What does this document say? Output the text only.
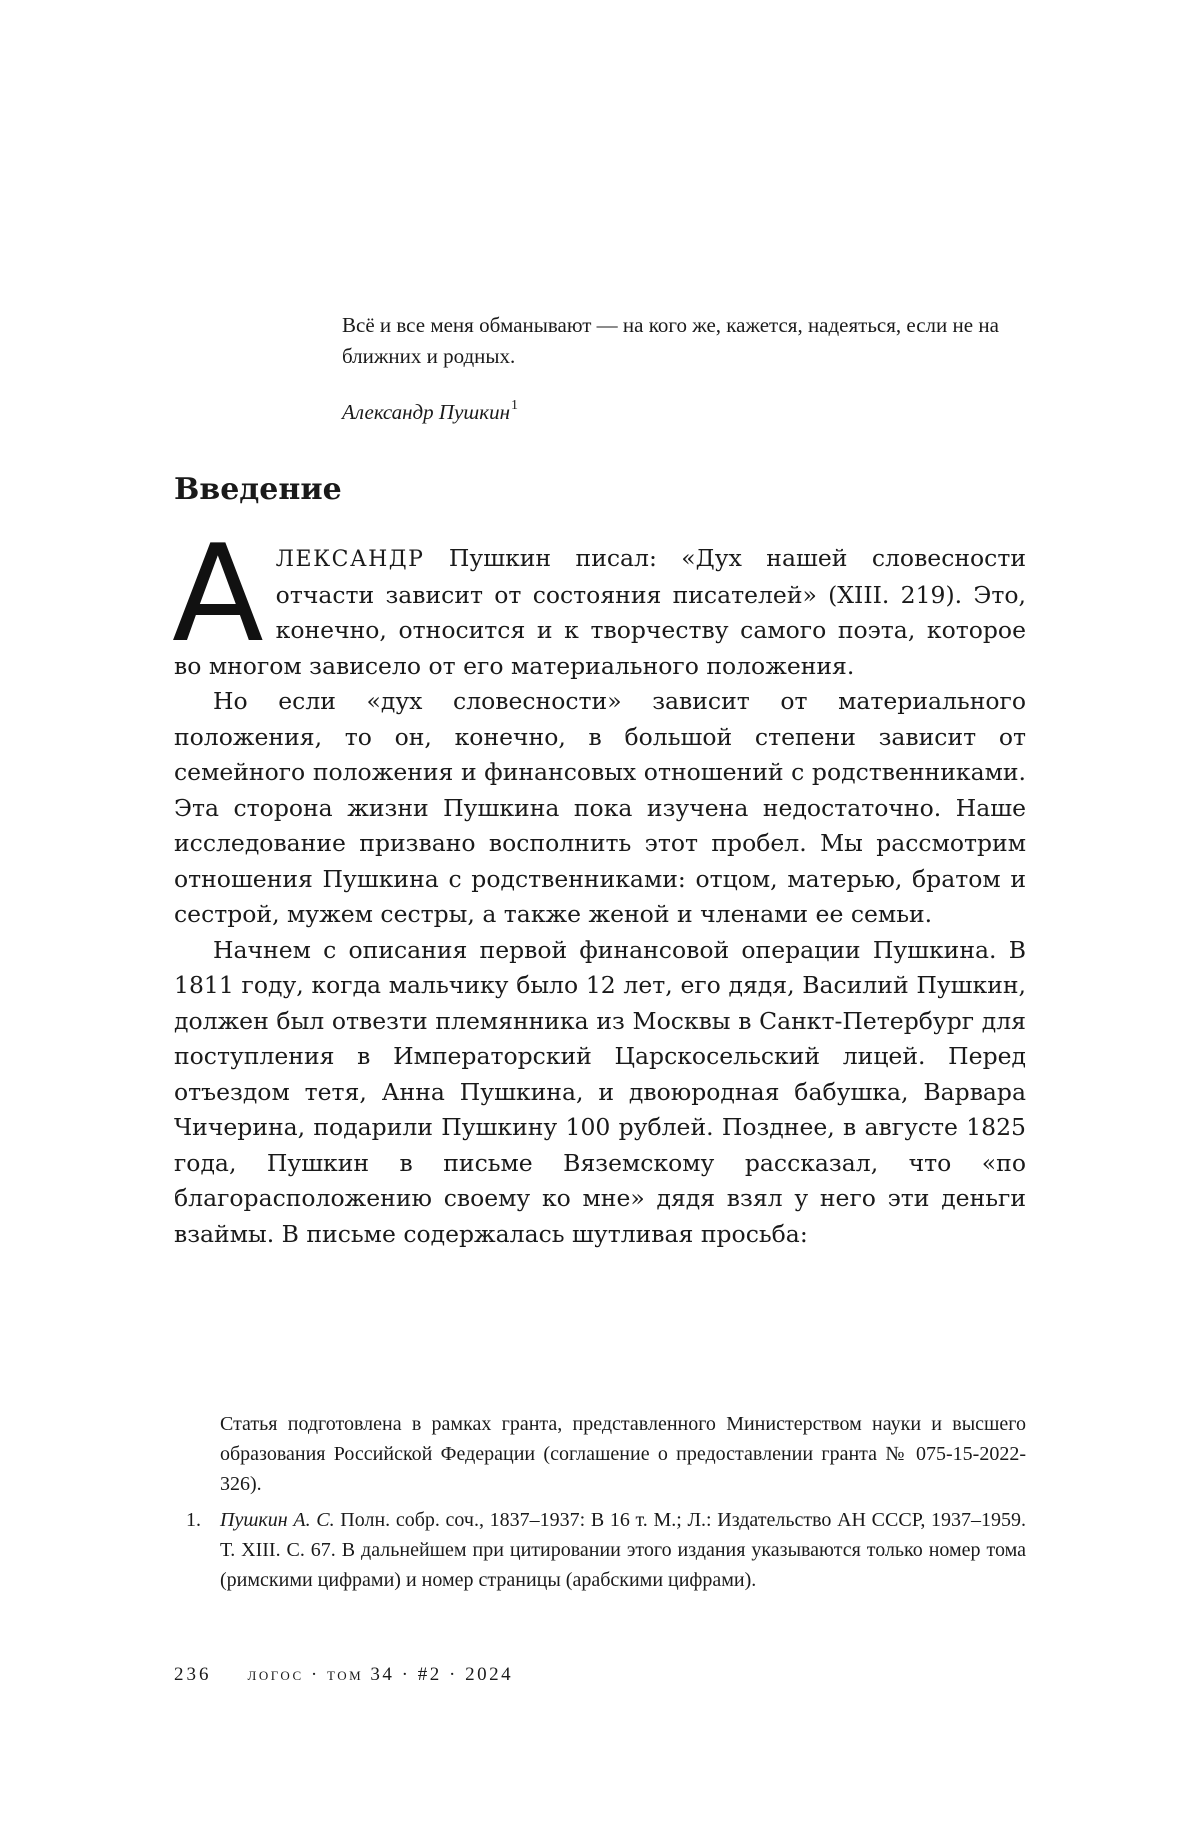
Всё и все меня обманывают — на кого же, кажется, надеяться, если не на ближних и родных.

Александр Пушкин$^1$

Введение

АЛЕКСАНДР Пушкин писал: «Дух нашей словесности отчасти зависит от состояния писателей» (XIII. 219). Это, конечно, относится и к творчеству самого поэта, которое во многом зависело от его материального положения.

Но если «дух словесности» зависит от материального положения, то он, конечно, в большой степени зависит от семейного положения и финансовых отношений с родственниками. Эта сторона жизни Пушкина пока изучена недостаточно. Наше исследование призвано восполнить этот пробел. Мы рассмотрим отношения Пушкина с родственниками: отцом, матерью, братом и сестрой, мужем сестры, а также женой и членами ее семьи.

Начнем с описания первой финансовой операции Пушкина. В 1811 году, когда мальчику было 12 лет, его дядя, Василий Пушкин, должен был отвезти племянника из Москвы в Санкт-Петербург для поступления в Императорский Царскосельский лицей. Перед отъездом тетя, Анна Пушкина, и двоюродная бабушка, Варвара Чичерина, подарили Пушкину 100 рублей. Позднее, в августе 1825 года, Пушкин в письме Вяземскому рассказал, что «по благорасположению своему ко мне» дядя взял у него эти деньги взаймы. В письме содержалась шутливая просьба:

Статья подготовлена в рамках гранта, представленного Министерством науки и высшего образования Российской Федерации (соглашение о предоставлении гранта № 075-15-2022-326).

1. Пушкин А. С. Полн. собр. соч., 1837–1937: В 16 т. М.; Л.: Издательство АН СССР, 1937–1959. Т. XIII. С. 67. В дальнейшем при цитировании этого издания указываются только номер тома (римскими цифрами) и номер страницы (арабскими цифрами).

236 логос · том 34 · #2 · 2024
